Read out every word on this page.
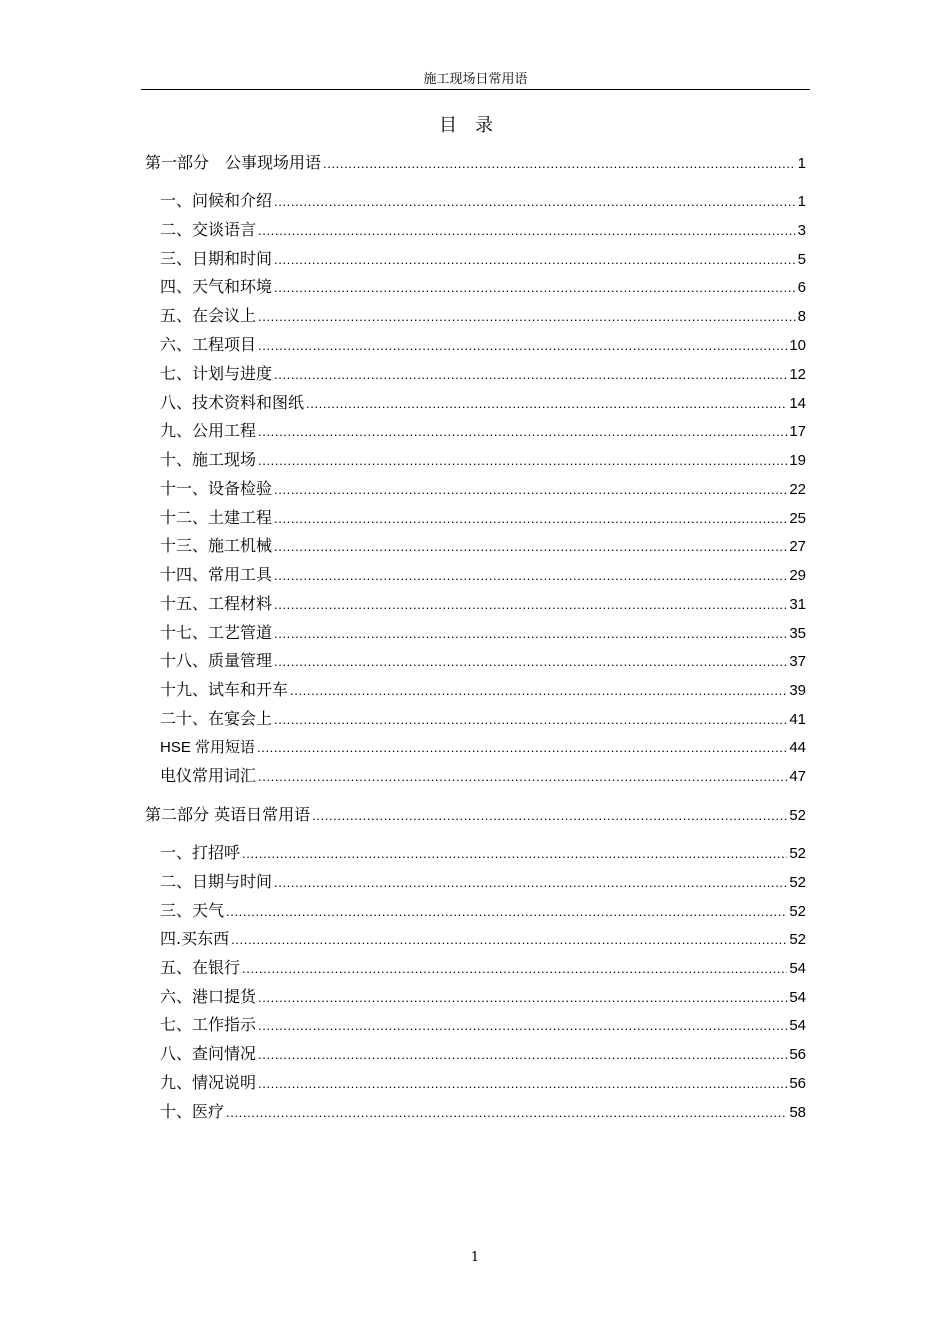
施工现场日常用语
目录
第一部分　公事现场用语 .....	1
一、问候和介绍 .....	1
二、交谈语言 .....	3
三、日期和时间 .....	5
四、天气和环境 .....	6
五、在会议上 .....	8
六、工程项目 .....	10
七、计划与进度 .....	12
八、技术资料和图纸 .....	14
九、公用工程 .....	17
十、施工现场 .....	19
十一、设备检验 .....	22
十二、土建工程 .....	25
十三、施工机械 .....	27
十四、常用工具 .....	29
十五、工程材料 .....	31
十七、工艺管道 .....	35
十八、质量管理 .....	37
十九、试车和开车 .....	39
二十、在宴会上 .....	41
HSE 常用短语 .....	44
电仪常用词汇 .....	47
第二部分 英语日常用语 .....	52
一、打招呼 .....	52
二、日期与时间 .....	52
三、天气 .....	52
四.买东西 .....	52
五、在银行 .....	54
六、港口提货 .....	54
七、工作指示 .....	54
八、查问情况 .....	56
九、情况说明 .....	56
十、医疗 .....	58
1
